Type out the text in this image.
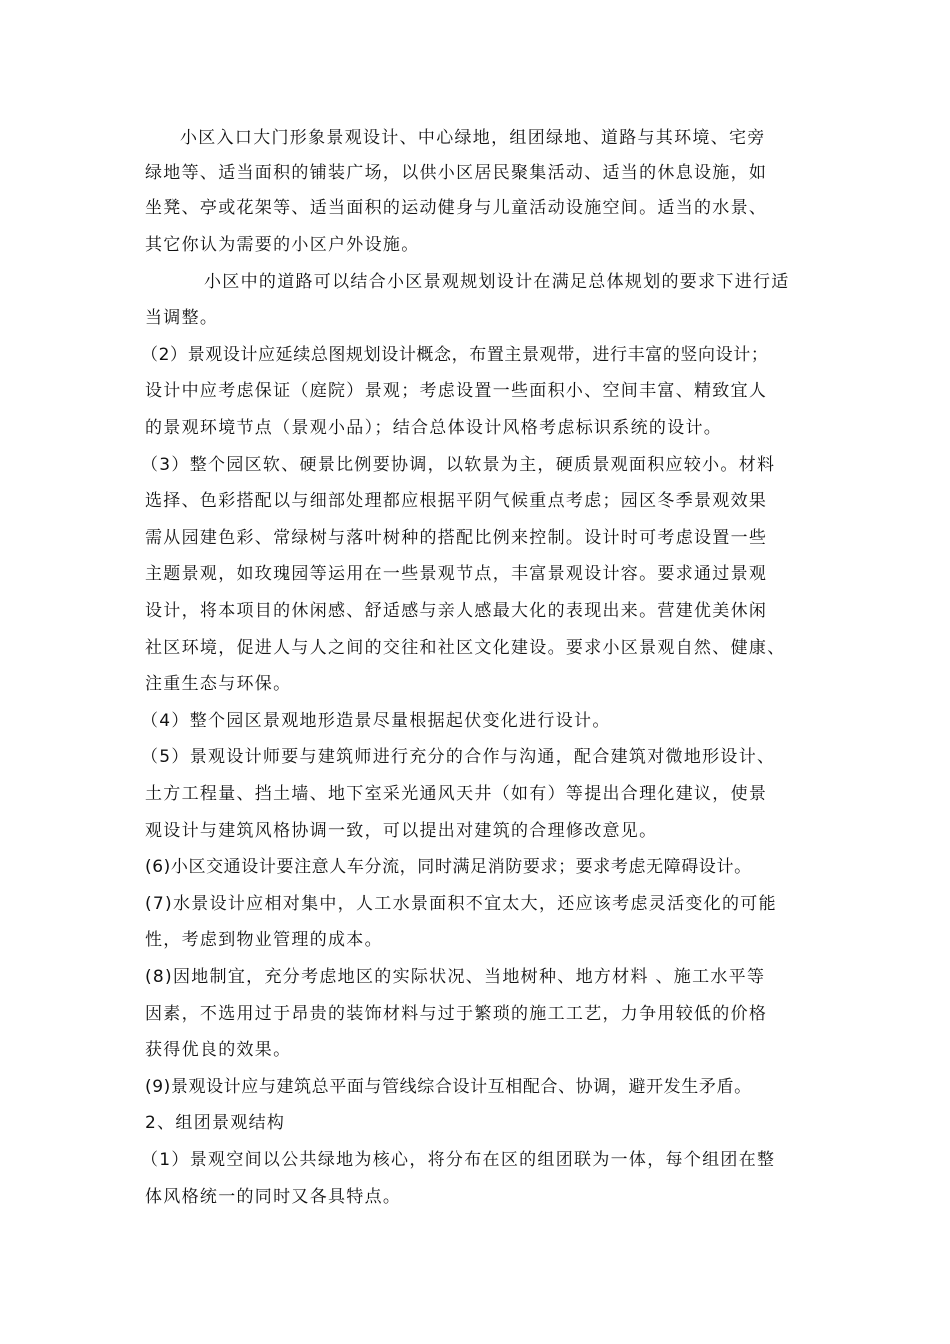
小区入口大门形象景观设计、中心绿地，组团绿地、道路与其环境、宅旁
绿地等、适当面积的铺装广场，以供小区居民聚集活动、适当的休息设施，如
坐凳、亭或花架等、适当面积的运动健身与儿童活动设施空间。适当的水景、
其它你认为需要的小区户外设施。
小区中的道路可以结合小区景观规划设计在满足总体规划的要求下进行适
当调整。
（2）景观设计应延续总图规划设计概念，布置主景观带，进行丰富的竖向设计；
设计中应考虑保证（庭院）景观；考虑设置一些面积小、空间丰富、精致宜人
的景观环境节点（景观小品）；结合总体设计风格考虑标识系统的设计。
（3）整个园区软、硬景比例要协调，以软景为主，硬质景观面积应较小。材料
选择、色彩搭配以与细部处理都应根据平阴气候重点考虑；园区冬季景观效果
需从园建色彩、常绿树与落叶树种的搭配比例来控制。设计时可考虑设置一些
主题景观，如玫瑰园等运用在一些景观节点，丰富景观设计容。要求通过景观
设计，将本项目的休闲感、舒适感与亲人感最大化的表现出来。营建优美休闲
社区环境，促进人与人之间的交往和社区文化建设。要求小区景观自然、健康、
注重生态与环保。
（4）整个园区景观地形造景尽量根据起伏变化进行设计。
（5）景观设计师要与建筑师进行充分的合作与沟通，配合建筑对微地形设计、
土方工程量、挡土墙、地下室采光通风天井（如有）等提出合理化建议，使景
观设计与建筑风格协调一致，可以提出对建筑的合理修改意见。
(6)小区交通设计要注意人车分流，同时满足消防要求；要求考虑无障碍设计。
(7)水景设计应相对集中，人工水景面积不宜太大，还应该考虑灵活变化的可能
性，考虑到物业管理的成本。
(8)因地制宜，充分考虑地区的实际状况、当地树种、地方材料 、施工水平等
因素，不选用过于昂贵的装饰材料与过于繁琐的施工工艺，力争用较低的价格
获得优良的效果。
(9)景观设计应与建筑总平面与管线综合设计互相配合、协调，避开发生矛盾。
2、组团景观结构
（1）景观空间以公共绿地为核心，将分布在区的组团联为一体，每个组团在整
体风格统一的同时又各具特点。
